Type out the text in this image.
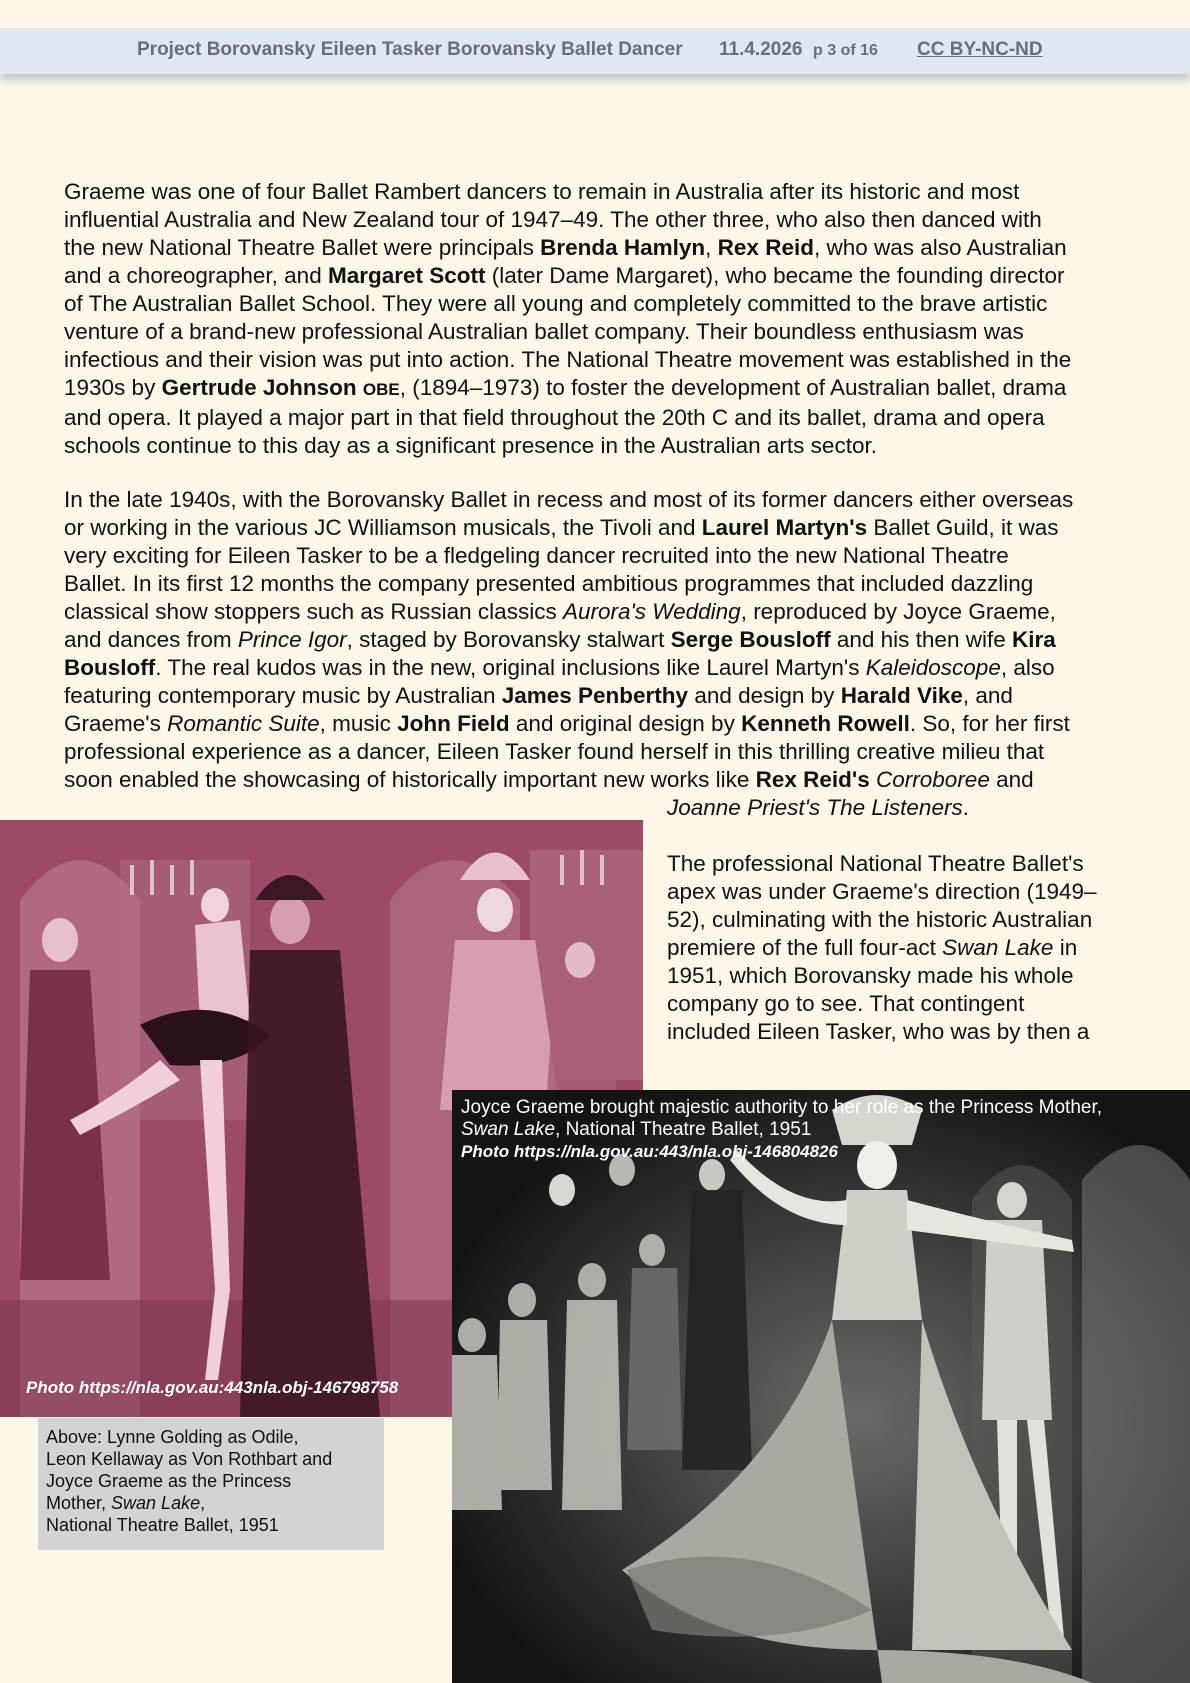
Project Borovansky Eileen Tasker Borovansky Ballet Dancer 11.4.2026 p 3 of 16 CC BY-NC-ND
Graeme was one of four Ballet Rambert dancers to remain in Australia after its historic and most
influential Australia and New Zealand tour of 1947–49. The other three, who also then danced with
the new National Theatre Ballet were principals Brenda Hamlyn, Rex Reid, who was also Australian
and a choreographer, and Margaret Scott (later Dame Margaret), who became the founding director
of The Australian Ballet School. They were all young and completely committed to the brave artistic
venture of a brand-new professional Australian ballet company. Their boundless enthusiasm was
infectious and their vision was put into action. The National Theatre movement was established in the
1930s by Gertrude Johnson OBE, (1894–1973) to foster the development of Australian ballet, drama
and opera. It played a major part in that field throughout the 20th C and its ballet, drama and opera
schools continue to this day as a significant presence in the Australian arts sector.
In the late 1940s, with the Borovansky Ballet in recess and most of its former dancers either overseas
or working in the various JC Williamson musicals, the Tivoli and Laurel Martyn's Ballet Guild, it was
very exciting for Eileen Tasker to be a fledgeling dancer recruited into the new National Theatre
Ballet. In its first 12 months the company presented ambitious programmes that included dazzling
classical show stoppers such as Russian classics Aurora's Wedding, reproduced by Joyce Graeme,
and dances from Prince Igor, staged by Borovansky stalwart Serge Bousloff and his then wife Kira
Bousloff. The real kudos was in the new, original inclusions like Laurel Martyn's Kaleidoscope, also
featuring contemporary music by Australian James Penberthy and design by Harald Vike, and
Graeme's Romantic Suite, music John Field and original design by Kenneth Rowell. So, for her first
professional experience as a dancer, Eileen Tasker found herself in this thrilling creative milieu that
soon enabled the showcasing of historically important new works like Rex Reid's Corroboree and
Joanne Priest's The Listeners.
The professional National Theatre Ballet's
apex was under Graeme's direction (1949–
52), culminating with the historic Australian
premiere of the full four-act Swan Lake in
1951, which Borovansky made his whole
company go to see. That contingent
included Eileen Tasker, who was by then a
Photo https://nla.gov.au:443nla.obj-146798758
Above: Lynne Golding as Odile,
Leon Kellaway as Von Rothbart and
Joyce Graeme as the Princess
Mother, Swan Lake,
National Theatre Ballet, 1951
Joyce Graeme brought majestic authority to her role as the Princess Mother,
Swan Lake, National Theatre Ballet, 1951
Photo https://nla.gov.au:443/nla.obj-146804826
